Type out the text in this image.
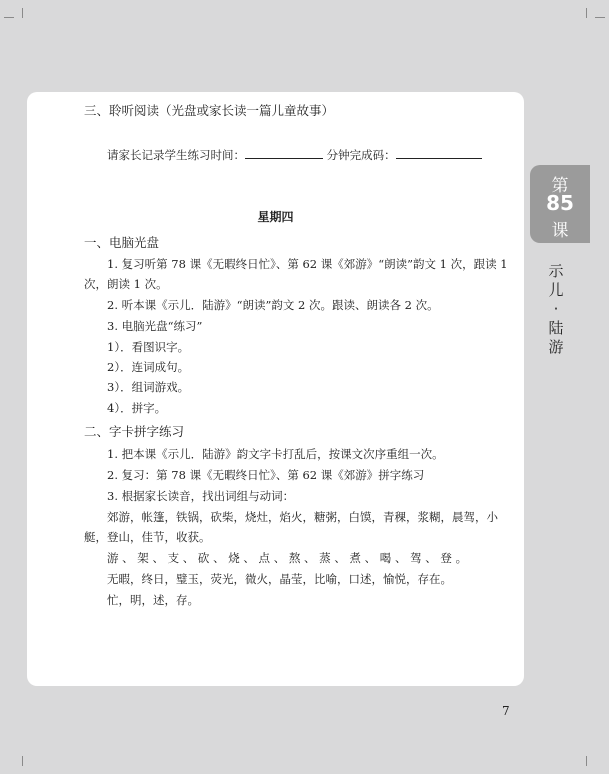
三、聆听阅读（光盘或家长读一篇儿童故事）
请家长记录学生练习时间：	分钟完成码：
第
85
课
示
儿
·
陆
游
星期四
一、电脑光盘
1. 复习听第 78 课《无暇终日忙》、第 62 课《郊游》“朗读”韵文 1 次，跟读 1
次，朗读 1 次。
2. 听本课《示儿．陆游》“朗读”韵文 2 次。跟读、朗读各 2 次。
3. 电脑光盘“练习”
1）．看图识字。
2）．连词成句。
3）．组词游戏。
4）．拼字。
二、字卡拼字练习
1. 把本课《示儿．陆游》韵文字卡打乱后，按课文次序重组一次。
2. 复习：第 78 课《无暇终日忙》、第 62 课《郊游》拼字练习
3. 根据家长读音，找出词组与动词：
郊游，帐篷，铁锅，砍柴，烧灶，焰火，糖粥，白馍，青稞，浆糊，晨驾，小
艇，登山，佳节，收获。
游 、 架 、 支 、 砍 、 烧 、 点 、 熬 、 蒸 、 煮 、 喝 、 驾 、 登 。
无暇，终日，璧玉，荧光，微火，晶莹，比喻，口述，愉悦，存在。
忙，明，述，存。
7
